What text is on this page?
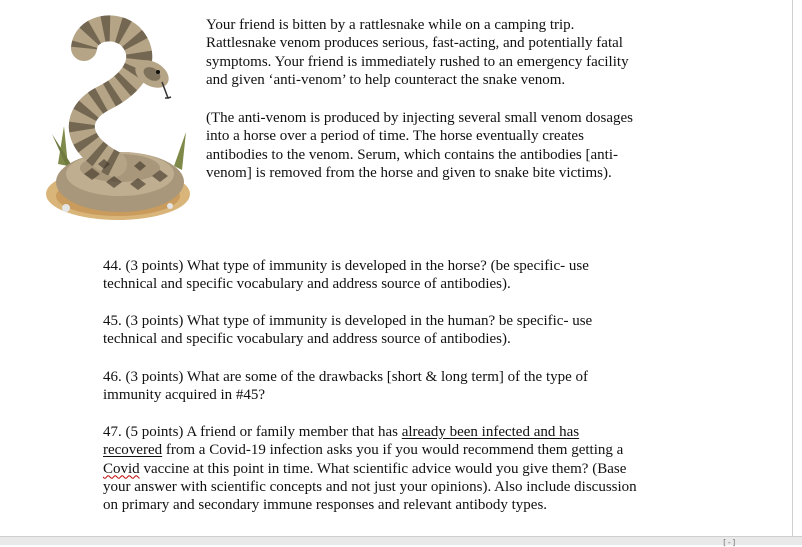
Your friend is bitten by a rattlesnake while on a camping trip.
Rattlesnake venom produces serious, fast-acting, and potentially fatal
symptoms. Your friend is immediately rushed to an emergency facility
and given ‘anti-venom’ to help counteract the snake venom.

(The anti-venom is produced by injecting several small venom dosages
into a horse over a period of time. The horse eventually creates
antibodies to the venom. Serum, which contains the antibodies [anti-
venom] is removed from the horse and given to snake bite victims).

44. (3 points) What type of immunity is developed in the horse? (be specific- use
technical and specific vocabulary and address source of antibodies).

45. (3 points) What type of immunity is developed in the human? be specific- use
technical and specific vocabulary and address source of antibodies).

46. (3 points) What are some of the drawbacks [short & long term] of the type of
immunity acquired in #45?

47. (5 points) A friend or family member that has already been infected and has
recovered from a Covid-19 infection asks you if you would recommend them getting a
Covid vaccine at this point in time. What scientific advice would you give them? (Base
your answer with scientific concepts and not just your opinions). Also include discussion
on primary and secondary immune responses and relevant antibody types.

[-]
